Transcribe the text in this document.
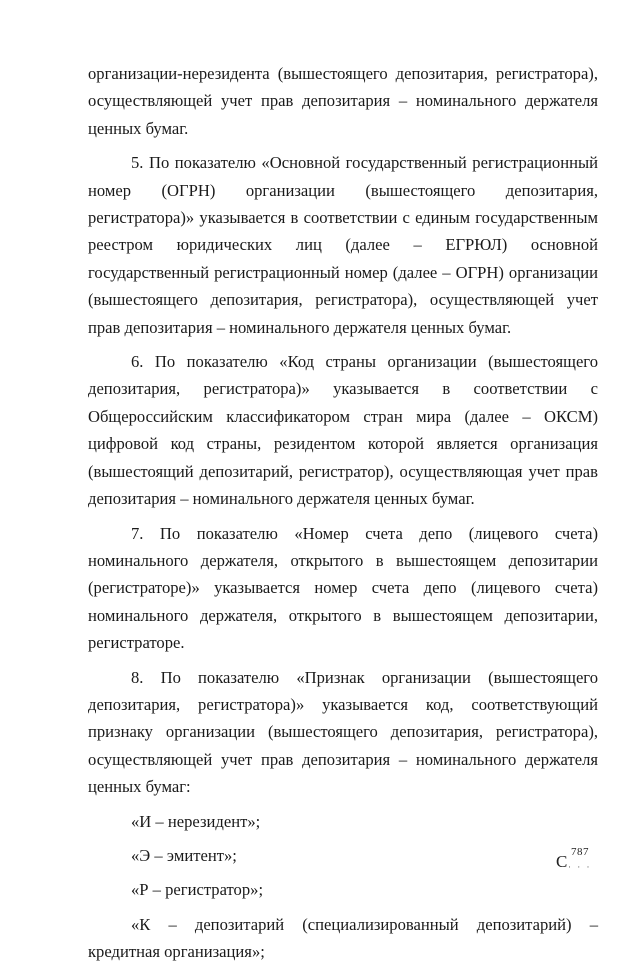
организации-нерезидента (вышестоящего депозитария, регистратора), осуществляющей учет прав депозитария – номинального держателя ценных бумаг.

5. По показателю «Основной государственный регистрационный номер (ОГРН) организации (вышестоящего депозитария, регистратора)» указывается в соответствии с единым государственным реестром юридических лиц (далее – ЕГРЮЛ) основной государственный регистрационный номер (далее – ОГРН) организации (вышестоящего депозитария, регистратора), осуществляющей учет прав депозитария – номинального держателя ценных бумаг.

6. По показателю «Код страны организации (вышестоящего депозитария, регистратора)» указывается в соответствии с Общероссийским классификатором стран мира (далее – ОКСМ) цифровой код страны, резидентом которой является организация (вышестоящий депозитарий, регистратор), осуществляющая учет прав депозитария – номинального держателя ценных бумаг.

7. По показателю «Номер счета депо (лицевого счета) номинального держателя, открытого в вышестоящем депозитарии (регистраторе)» указывается номер счета депо (лицевого счета) номинального держателя, открытого в вышестоящем депозитарии, регистраторе.

8. По показателю «Признак организации (вышестоящего депозитария, регистратора)» указывается код, соответствующий признаку организации (вышестоящего депозитария, регистратора), осуществляющей учет прав депозитария – номинального держателя ценных бумаг:

«И – нерезидент»;

«Э – эмитент»;

«Р – регистратор»;

«К – депозитарий (специализированный депозитарий) – кредитная организация»;

С 787
· · ·
